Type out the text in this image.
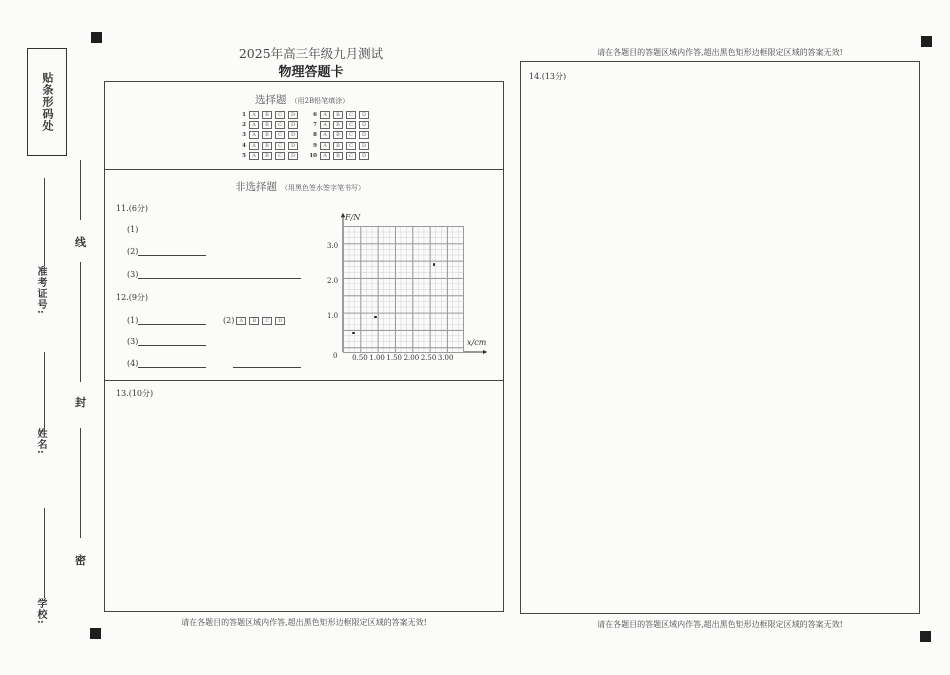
贴条形码处
准考证号:
姓名:
学校:
线
封
密
2025年高三年级九月测试
物理答题卡
选择题 （用2B铅笔填涂）
1	A	B	C	D
2	A	B	C	D
3	A	B	C	D
4	A	B	C	D
5	A	B	C	D
6	A	B	C	D
7	A	B	C	D
8	A	B	C	D
9	A	B	C	D
10	A	B	C	D
非选择题 （用黑色签水签字笔书写）
11.(6分)
(1)
(2)
(3)
12.(9分)
(1)	(2)	A	B	C	D
(3)
(4)
F/N
x/cm
0 0.50 1.00 1.50 2.00 2.50 3.00
1.0
2.0
3.0
13.(10分)
请在各题目的答题区域内作答,超出黑色矩形边框限定区域的答案无效!
14.(13分)
请在各题目的答题区域内作答,超出黑色矩形边框限定区域的答案无效!	请在各题目的答题区域内作答,超出黑色矩形边框限定区域的答案无效!
